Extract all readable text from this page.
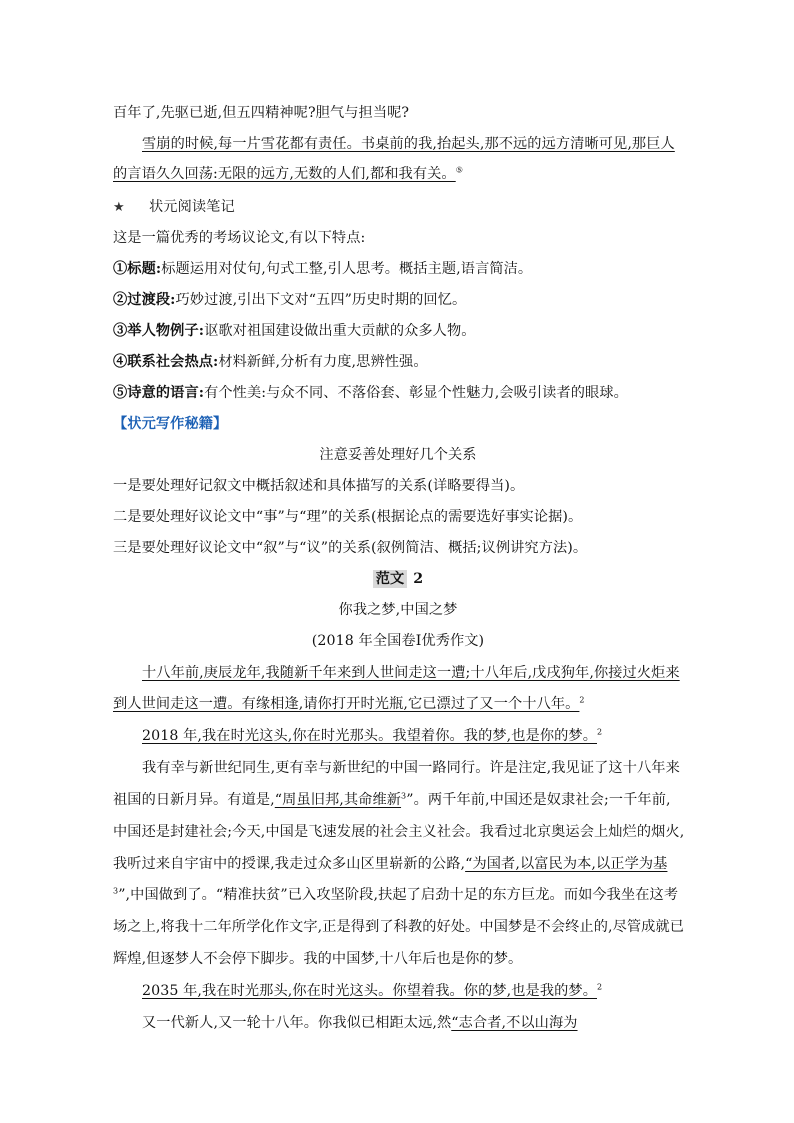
百年了,先驱已逝,但五四精神呢?胆气与担当呢?
雪崩的时候,每一片雪花都有责任。书桌前的我,抬起头,那不远的远方清晰可见,那巨人
的言语久久回荡:无限的远方,无数的人们,都和我有关。⑤
★ 状元阅读笔记
这是一篇优秀的考场议论文,有以下特点:
①标题:标题运用对仗句,句式工整,引人思考。概括主题,语言简洁。
②过渡段:巧妙过渡,引出下文对“五四”历史时期的回忆。
③举人物例子:讴歌对祖国建设做出重大贡献的众多人物。
④联系社会热点:材料新鲜,分析有力度,思辨性强。
⑤诗意的语言:有个性美:与众不同、不落俗套、彰显个性魅力,会吸引读者的眼球。
【状元写作秘籍】
注意妥善处理好几个关系
一是要处理好记叙文中概括叙述和具体描写的关系(详略要得当)。
二是要处理好议论文中“事”与“理”的关系(根据论点的需要选好事实论据)。
三是要处理好议论文中“叙”与“议”的关系(叙例简洁、概括;议例讲究方法)。
范文 2
你我之梦,中国之梦
(2018 年全国卷Ⅰ优秀作文)
十八年前,庚辰龙年,我随新千年来到人世间走这一遭;十八年后,戊戌狗年,你接过火炬来
到人世间走这一遭。有缘相逢,请你打开时光瓶,它已漂过了又一个十八年。$^2$
2018 年,我在时光这头,你在时光那头。我望着你。我的梦,也是你的梦。$^2$
我有幸与新世纪同生,更有幸与新世纪的中国一路同行。许是注定,我见证了这十八年来
祖国的日新月异。有道是,“周虽旧邦,其命维新$^3$”。两千年前,中国还是奴隶社会;一千年前,
中国还是封建社会;今天,中国是飞速发展的社会主义社会。我看过北京奥运会上灿烂的烟火,
我听过来自宇宙中的授课,我走过众多山区里崭新的公路,“为国者,以富民为本,以正学为基
$^3$”,中国做到了。“精准扶贫”已入攻坚阶段,扶起了启劲十足的东方巨龙。而如今我坐在这考
场之上,将我十二年所学化作文字,正是得到了科教的好处。中国梦是不会终止的,尽管成就已
辉煌,但逐梦人不会停下脚步。我的中国梦,十八年后也是你的梦。
2035 年,我在时光那头,你在时光这头。你望着我。你的梦,也是我的梦。$^2$
又一代新人,又一轮十八年。你我似已相距太远,然“志合者,不以山海为
